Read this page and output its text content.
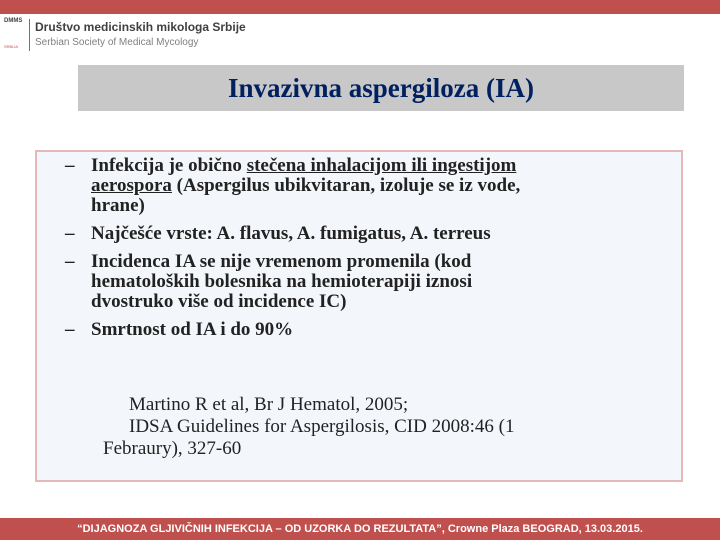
DMMS
SRBIJA
Društvo medicinskih mikologa Srbije
Serbian Society of Medical Mycology
Invazivna aspergiloza (IA)
– Infekcija je obično stečena inhalacijom ili ingestijom
aerospora (Aspergilus ubikvitaran, izoluje se iz vode,
hrane)
– Najčešće vrste: A. flavus, A. fumigatus, A. terreus
– Incidenca IA se nije vremenom promenila (kod
hematoloških bolesnika na hemioterapiji iznosi
dvostruko više od incidence IC)
– Smrtnost od IA i do 90%
Martino R et al, Br J Hematol, 2005;
IDSA Guidelines for Aspergilosis, CID 2008:46 (1
Febraury), 327-60
“DIJAGNOZA GLJIVIČNIH INFEKCIJA – OD UZORKA DO REZULTATA”, Crowne Plaza BEOGRAD, 13.03.2015.
